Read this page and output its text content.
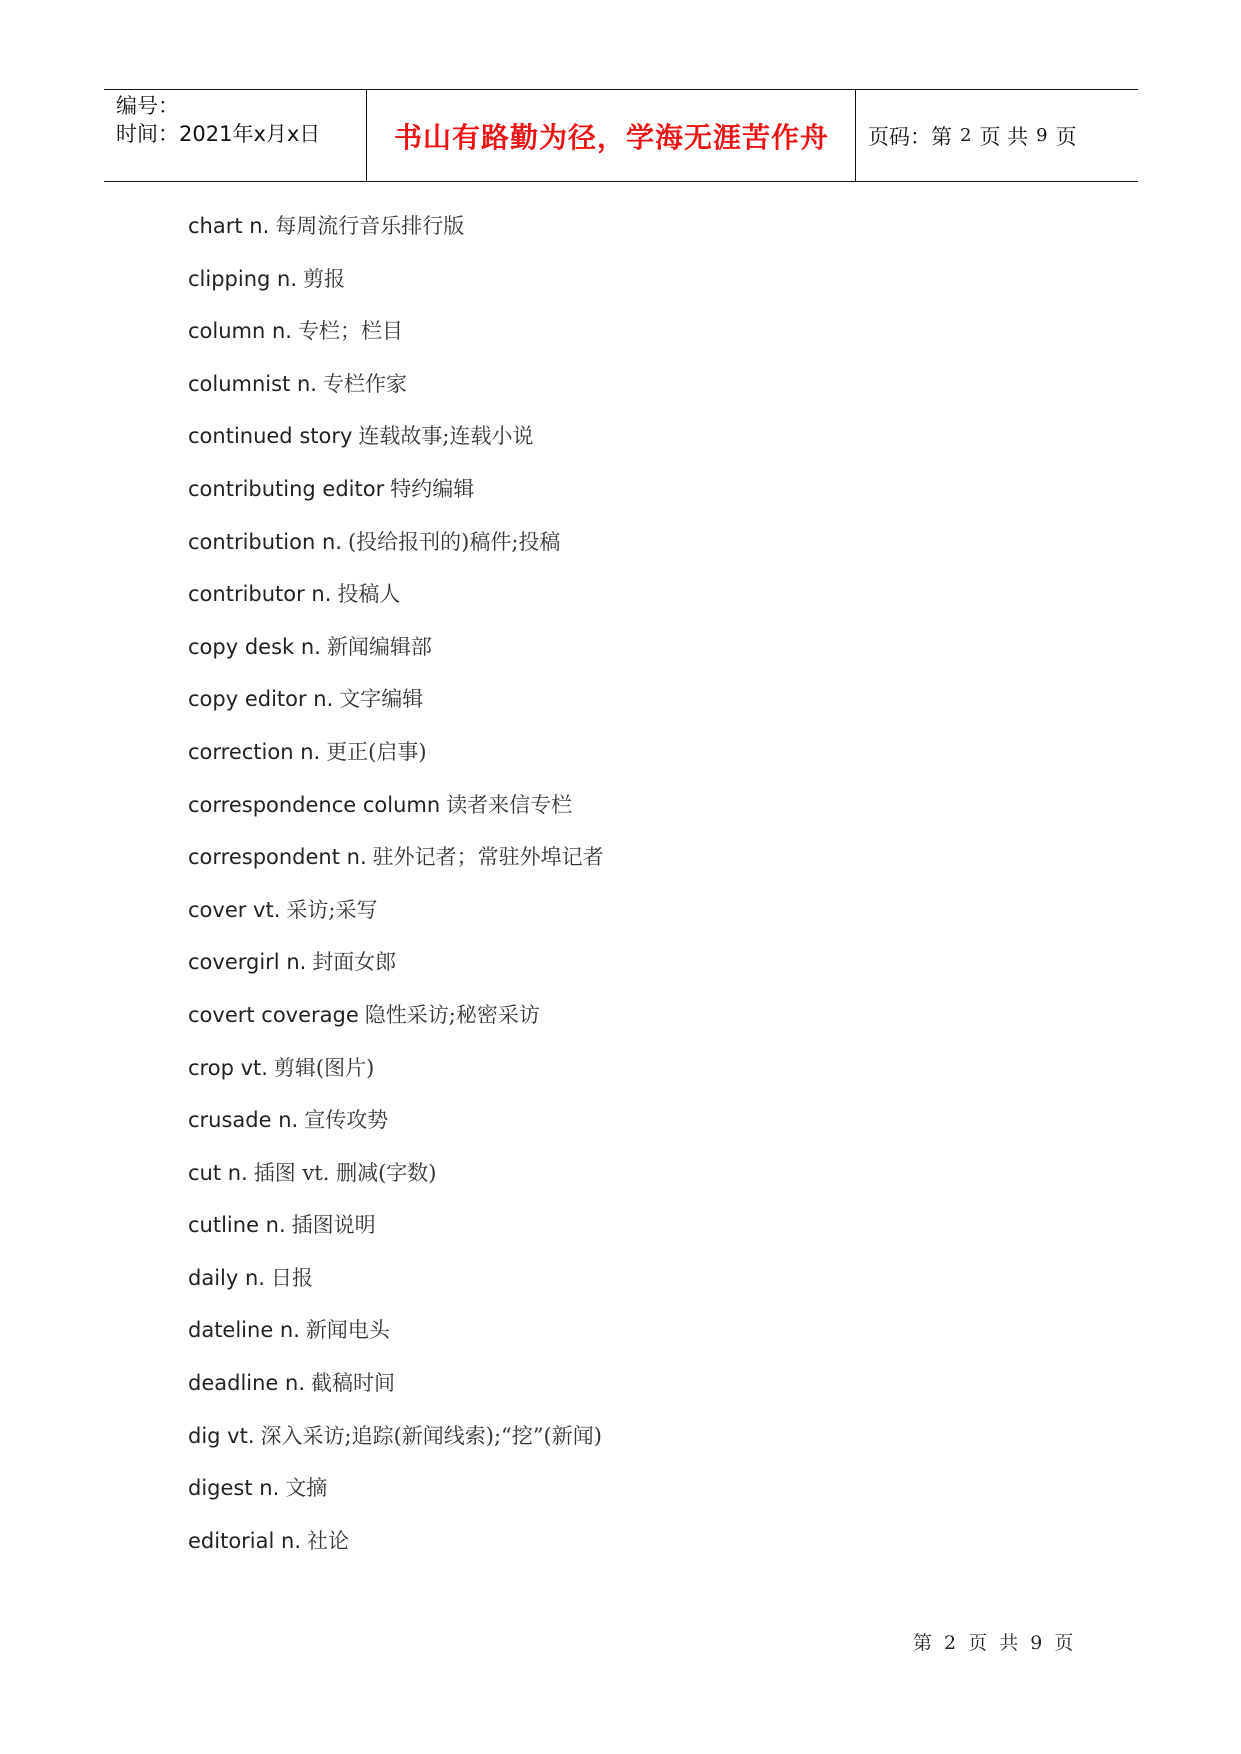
编号：
时间：2021年x月x日	书山有路勤为径，学海无涯苦作舟	页码：第 2 页 共 9 页
chart n. 每周流行音乐排行版
clipping n. 剪报
column n. 专栏；栏目
columnist n. 专栏作家
continued story 连载故事;连载小说
contributing editor 特约编辑
contribution n. (投给报刊的)稿件;投稿
contributor n. 投稿人
copy desk n. 新闻编辑部
copy editor n. 文字编辑
correction n. 更正(启事)
correspondence column 读者来信专栏
correspondent n. 驻外记者；常驻外埠记者
cover vt. 采访;采写
covergirl n. 封面女郎
covert coverage 隐性采访;秘密采访
crop vt. 剪辑(图片)
crusade n. 宣传攻势
cut n. 插图 vt. 删减(字数)
cutline n. 插图说明
daily n. 日报
dateline n. 新闻电头
deadline n. 截稿时间
dig vt. 深入采访;追踪(新闻线索);“挖”(新闻)
digest n. 文摘
editorial n. 社论
第 2 页 共 9 页
